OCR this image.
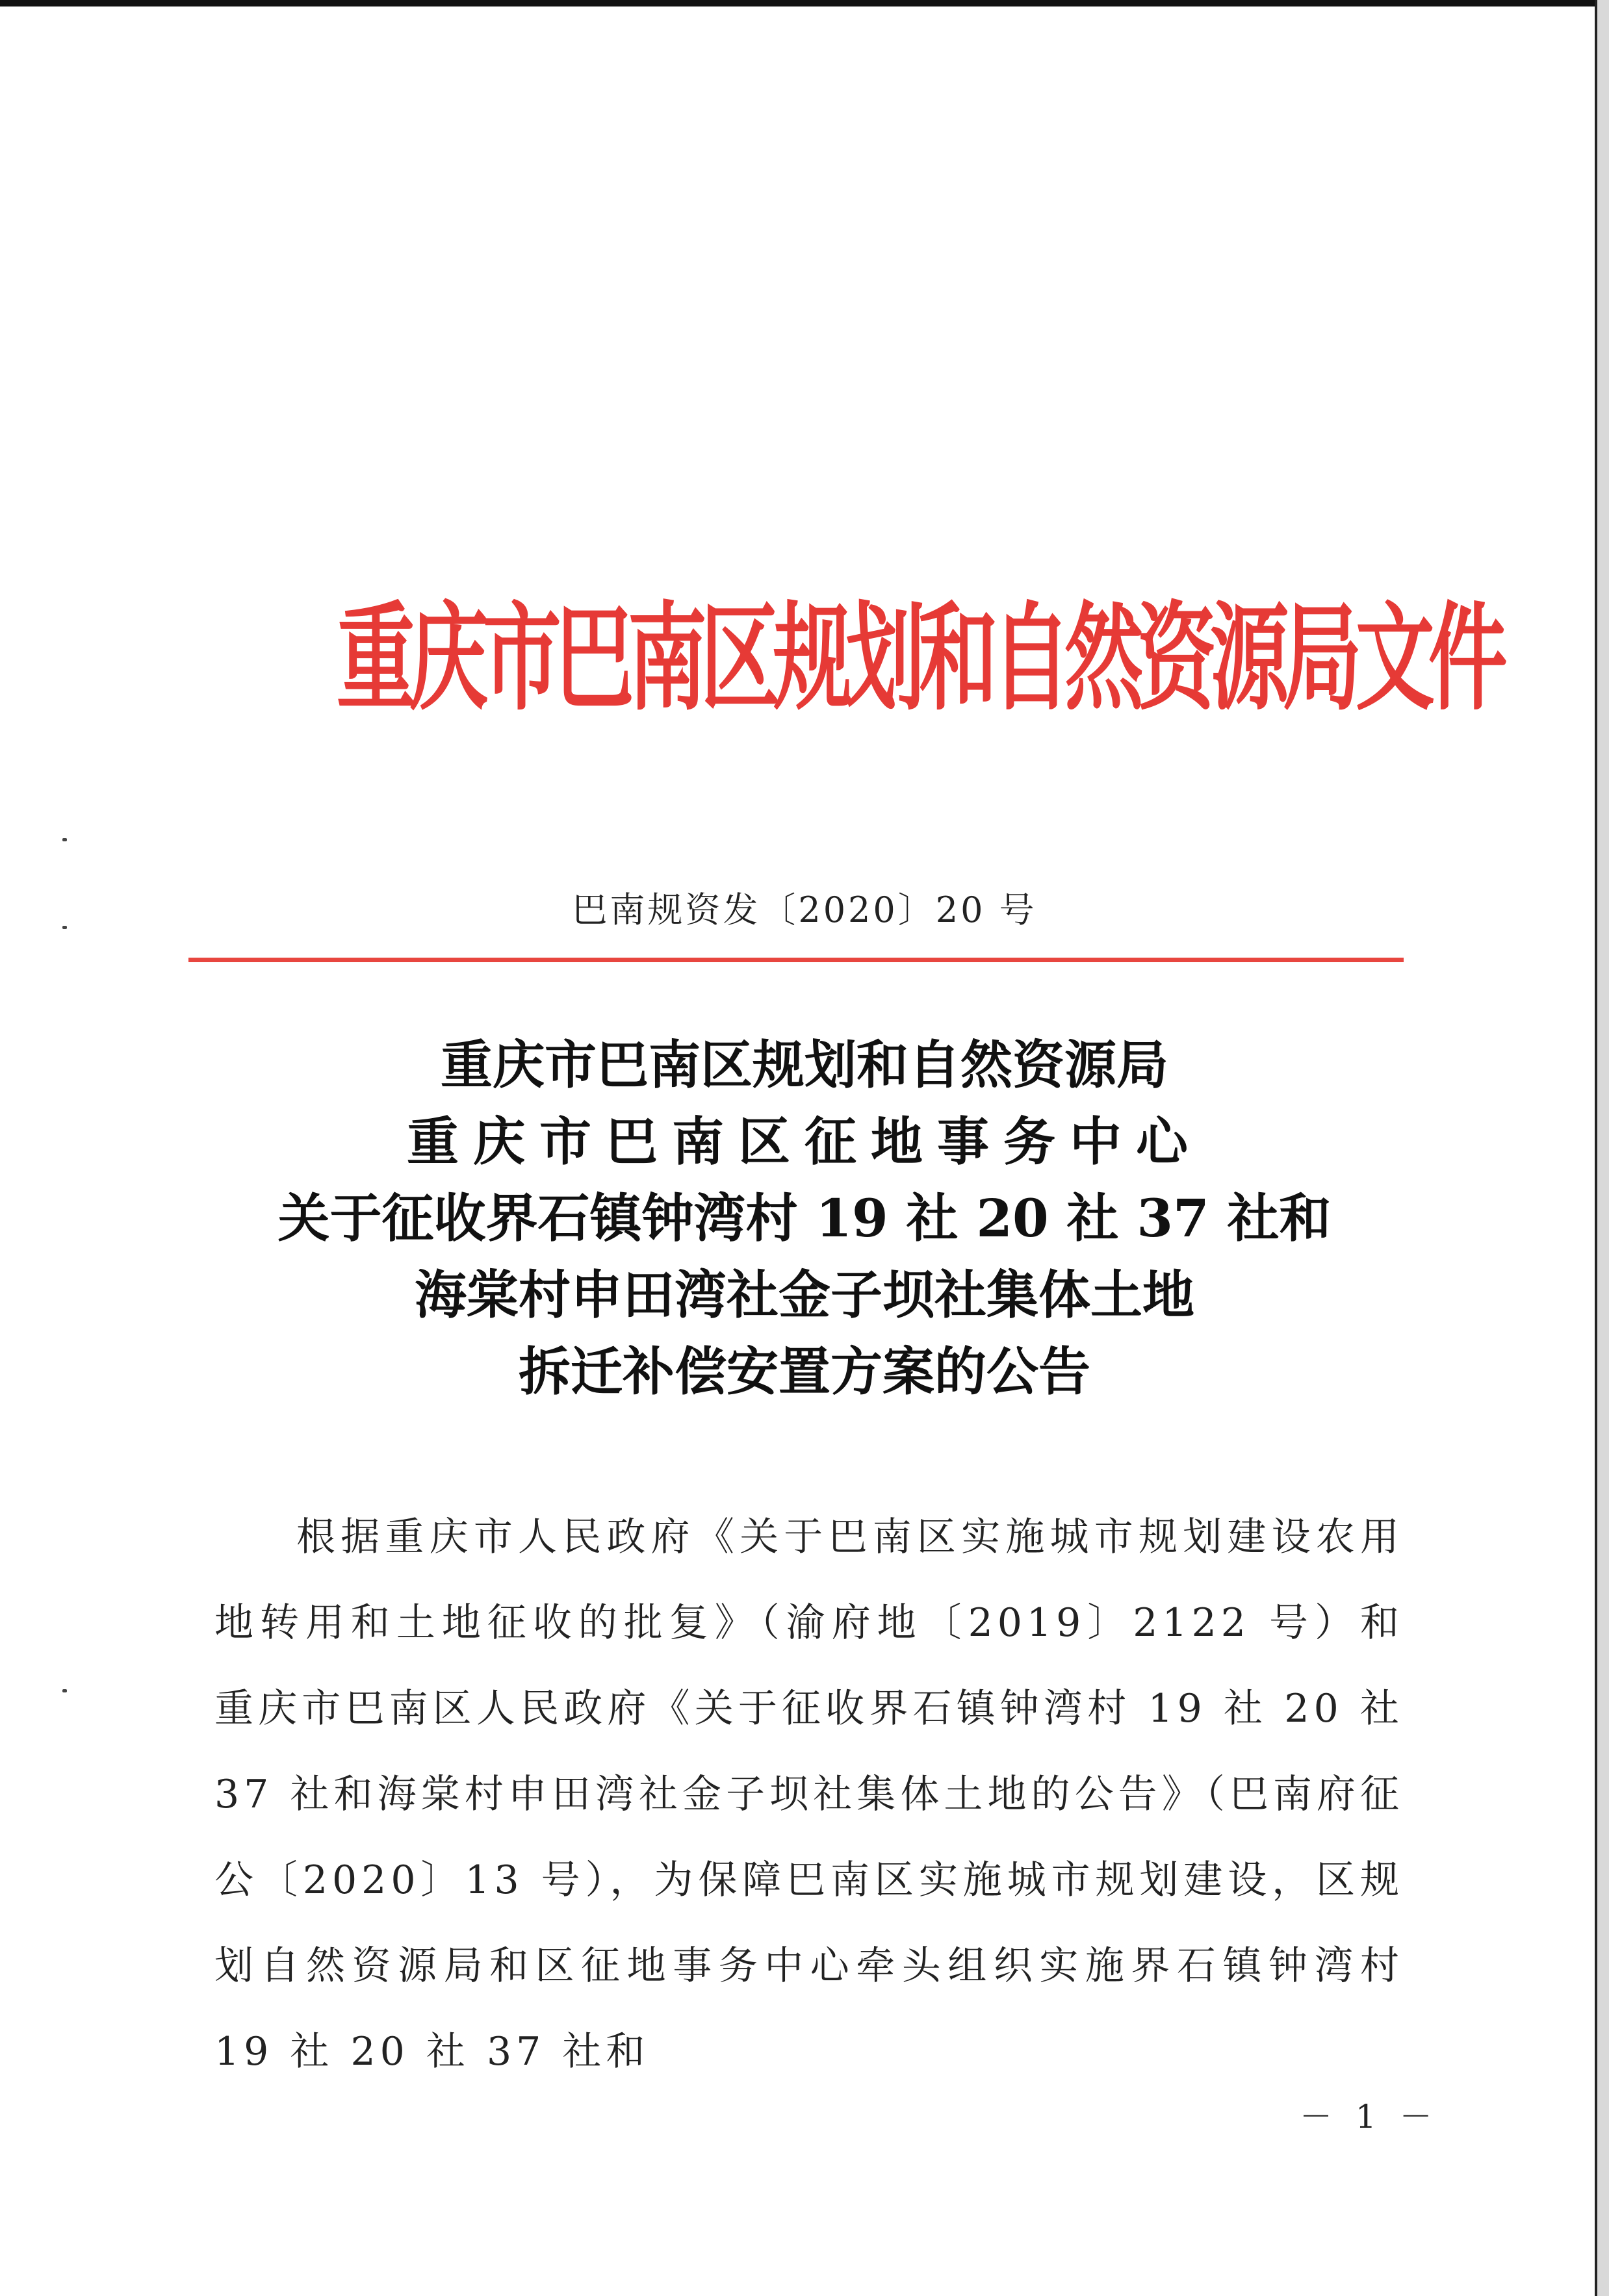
重庆市巴南区规划和自然资源局文件
巴南规资发〔2020〕20 号
重庆市巴南区规划和自然资源局
重庆市巴南区征地事务中心
关于征收界石镇钟湾村 19 社 20 社 37 社和
海棠村申田湾社金子坝社集体土地
拆迁补偿安置方案的公告
根据重庆市人民政府《关于巴南区实施城市规划建设农用地转用和土地征收的批复》（渝府地〔2019〕2122 号）和重庆市巴南区人民政府《关于征收界石镇钟湾村 19 社 20 社 37 社和海棠村申田湾社金子坝社集体土地的公告》（巴南府征公〔2020〕13 号），为保障巴南区实施城市规划建设，区规划自然资源局和区征地事务中心牵头组织实施界石镇钟湾村 19 社 20 社 37 社和
－ 1 －
